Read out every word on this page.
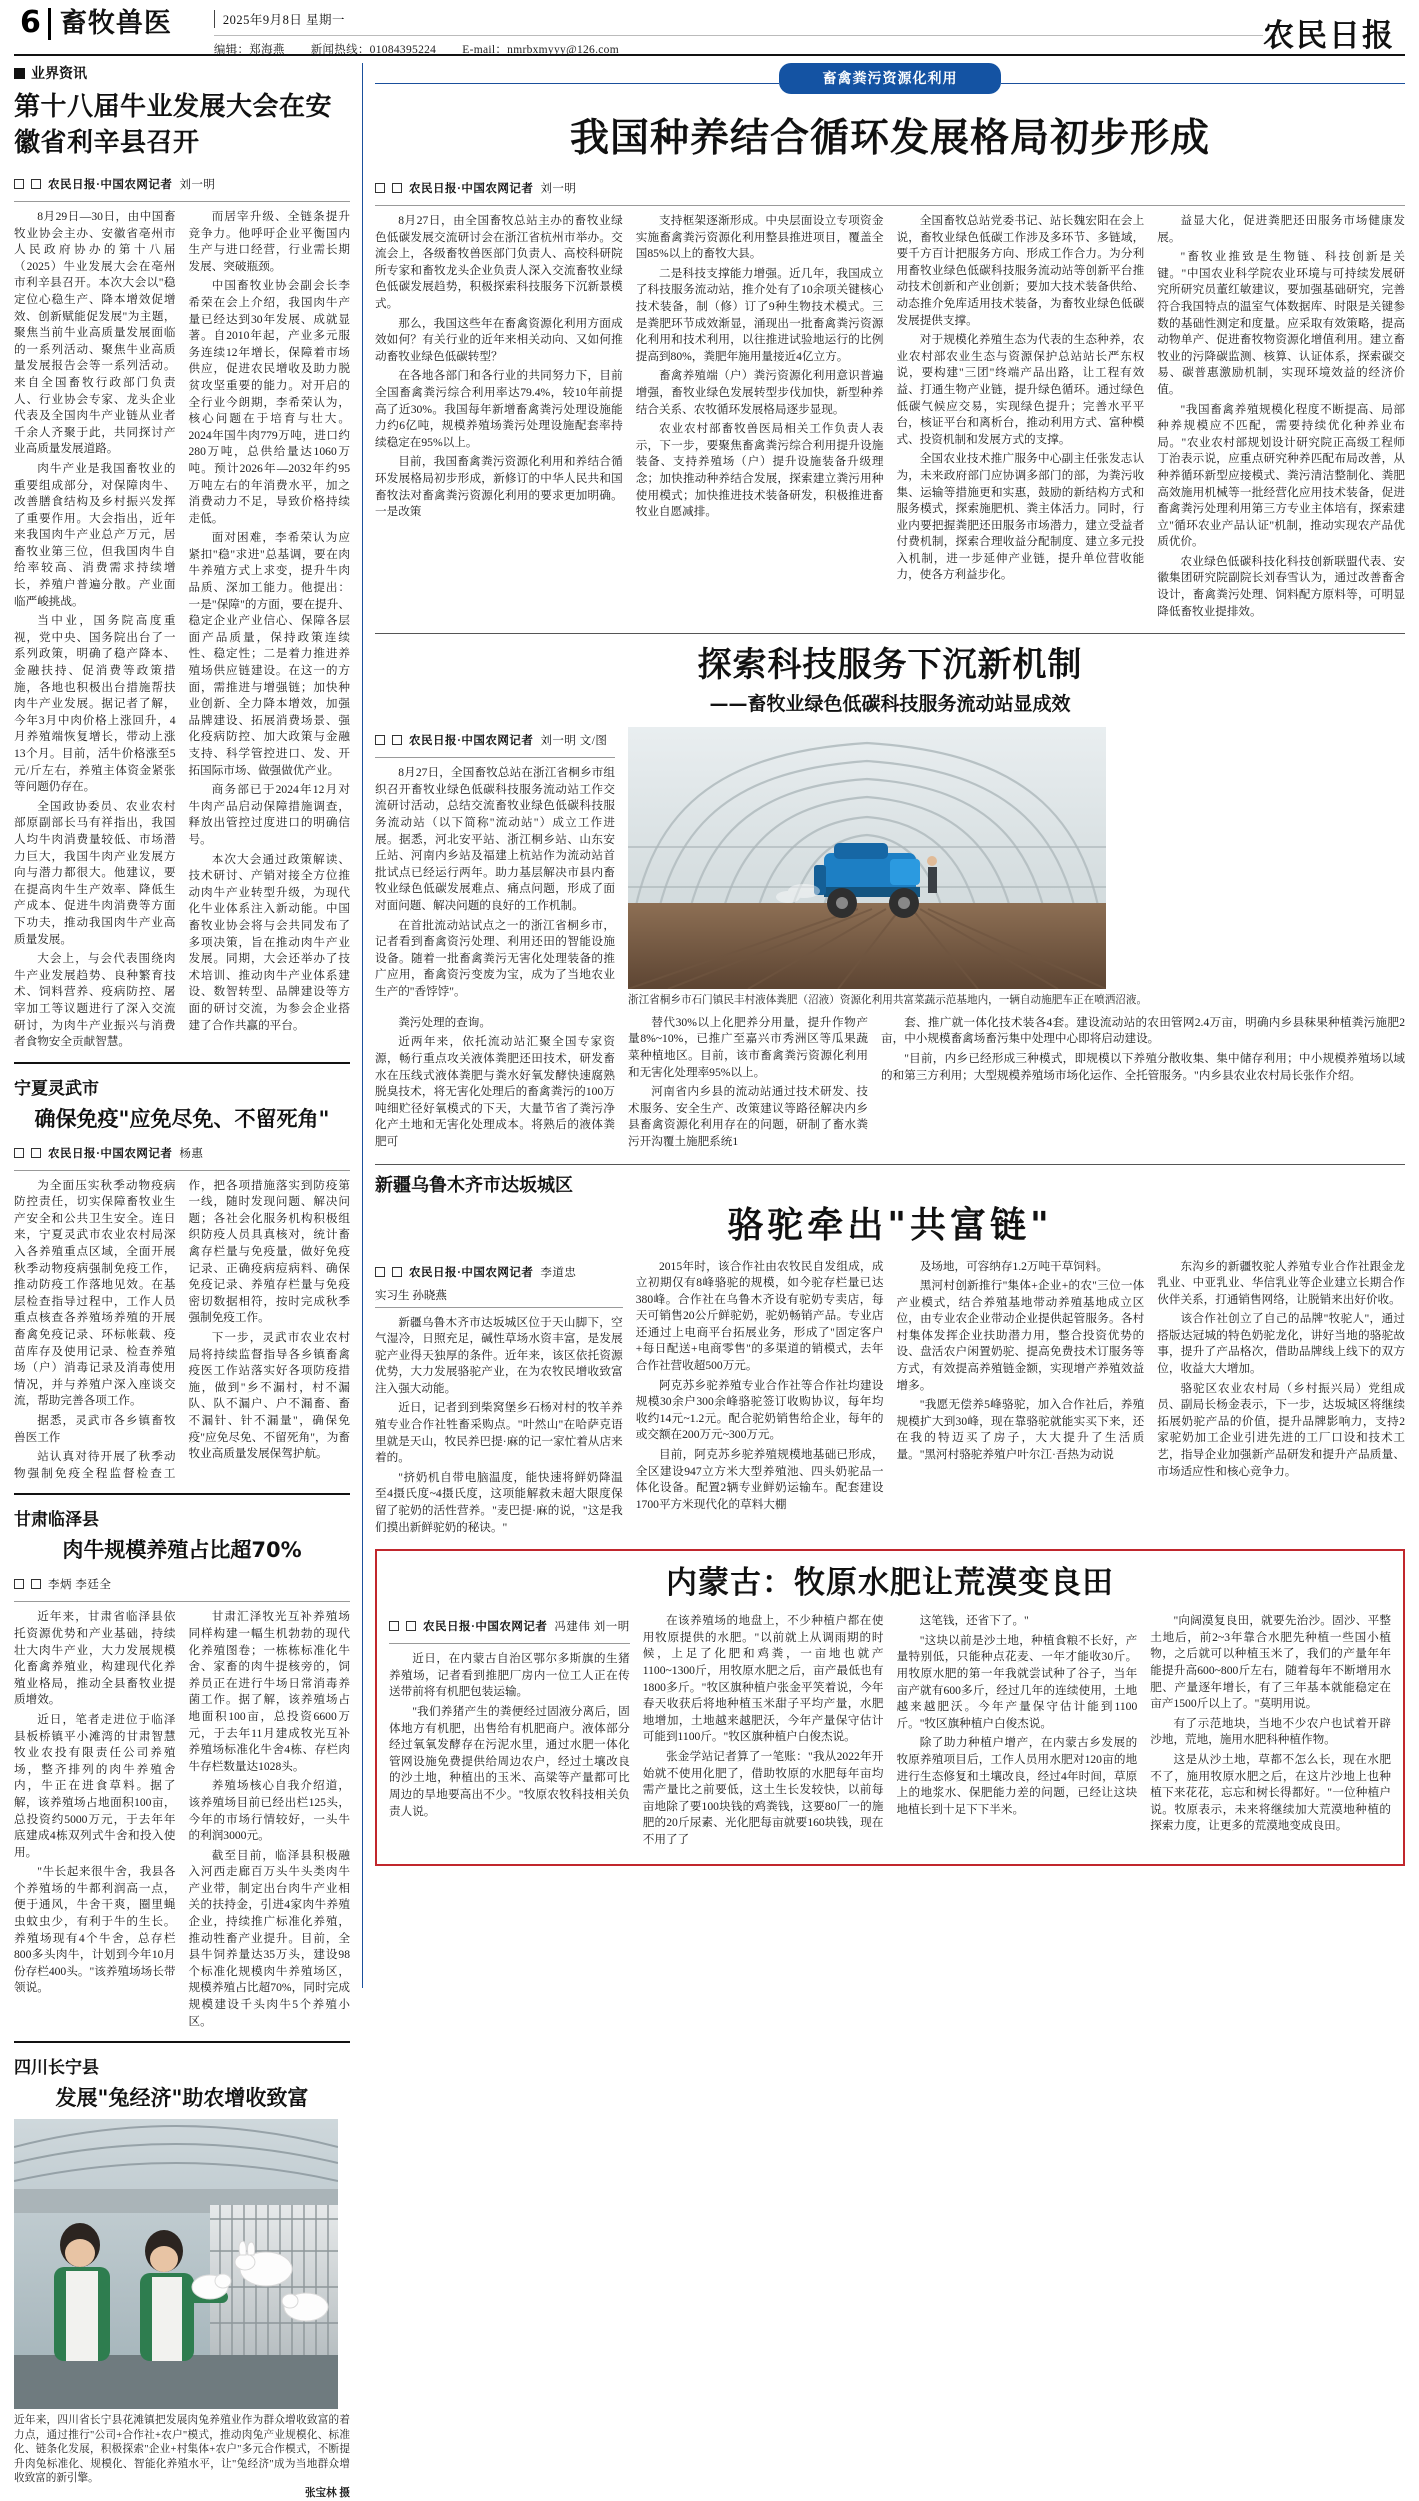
6 畜牧兽医	2025年9月8日 星期一
编辑：郑海燕 新闻热线：01084395224 E-mail：nmrbxmyyy@126.com	农民日报
业界资讯
第十八届牛业发展大会在安徽省利辛县召开
农民日报·中国农网记者 刘一明

8月29日—30日，由中国畜牧业协会主办、安徽省亳州市人民政府协办的第十八届（2025）牛业发展大会在亳州市利辛县召开。本次大会以"稳定位心稳生产、降本增效促增效、创新赋能促发展"为主题，聚焦当前牛业高质量发展面临的一系列活动、聚焦牛业高质量发展报告会等一系列活动。来自全国畜牧行政部门负责人、行业协会专家、龙头企业代表及全国肉牛产业链从业者千余人齐聚于此，共同探讨产业高质量发展道路。

肉牛产业是我国畜牧业的重要组成部分，对保障肉牛、改善膳食结构及乡村振兴发挥了重要作用。大会指出，近年来我国肉牛产业总产万元，居畜牧业第三位，但我国肉牛自给率较高、消费需求持续增长，养殖户普遍分散。产业面临严峻挑战。

当中业，国务院高度重视，党中央、国务院出台了一系列政策，明确了稳产降本、金融扶持、促消费等政策措施，各地也积极出台措施帮扶肉牛产业发展。据记者了解，今年3月中肉价格上涨回升，4月养殖端恢复增长，带动上涨13个月。目前，活牛价格涨至5元/斤左右，养殖主体资金紧张等问题仍存在。

全国政协委员、农业农村部原副部长马有祥指出，我国人均牛肉消费量较低、市场潜力巨大，我国牛肉产业发展方向与潜力都很大。他建议，要在提高肉牛生产效率、降低生产成本、促进牛肉消费等方面下功夫，推动我国肉牛产业高质量发展。

大会上，与会代表围绕肉牛产业发展趋势、良种繁育技术、饲料营养、疫病防控、屠宰加工等议题进行了深入交流研讨，为肉牛产业振兴与消费者食物安全贡献智慧。

而居宰升级、全链条提升竞争力。他呼吁企业平衡国内生产与进口经营，行业需长期发展、突破瓶颈。

中国畜牧业协会副会长李希荣在会上介绍，我国肉牛产量已经达到30年发展、成就显著。自2010年起，产业多元服务连续12年增长，保障着市场供应，促进农民增收及助力脱贫攻坚重要的能力。对开启的全行业今朗期，李希荣认为，核心问题在于培育与壮大。2024年国牛肉779万吨，进口约280万吨，总供给量达1060万吨。预计2026年—2032年约95万吨左右的年消费水平，加之消费动力不足，导致价格持续走低。

面对困难，李希荣认为应紧扣"稳"求进"总基调，要在肉牛养殖方式上求变，提升牛肉品质、深加工能力。他提出：一是"保障"的方面，要在提升、稳定企业产业信心、保障各层面产品质量，保持政策连续性、稳定性；二是着力推进养殖场供应链建设。在这一的方面，需推进与增强链；加快种业创新、全力降本增效，加强品牌建设、拓展消费场景、强化疫病防控、加大政策与金融支持、科学管控进口、发、开拓国际市场、做强做优产业。

商务部已于2024年12月对牛肉产品启动保障措施调查，释放出管控过度进口的明确信号。

本次大会通过政策解读、技术研讨、产销对接全方位推动肉牛产业转型升级，为现代化牛业体系注入新动能。中国畜牧业协会将与会共同发布了多项决策，旨在推动肉牛产业发展。同期，大会还举办了技术培训、推动肉牛产业体系建设、数智转型、品牌建设等方面的研讨交流，为参会企业搭建了合作共赢的平台。

宁夏灵武市
确保免疫"应免尽免、不留死角"
农民日报·中国农网记者 杨惠

为全面压实秋季动物疫病防控责任，切实保障畜牧业生产安全和公共卫生安全。连日来，宁夏灵武市农业农村局深入各养殖重点区域，全面开展秋季动物疫病强制免疫工作，推动防疫工作落地见效。在基层检查指导过程中，工作人员重点核查各养殖场养殖的开展畜禽免疫记录、环标帐载、疫苗库存及使用记录、检查养殖场（户）消毒记录及消毒使用情况，并与养殖户深入座谈交流，帮助完善各项工作。

据悉，灵武市各乡镇畜牧兽医工作

站认真对待开展了秋季动物强制免疫全程监督检查工作，把各项措施落实到防疫第一线，随时发现问题、解决问题；各社会化服务机构积极组织防疫人员具真核对，统计畜禽存栏量与免疫量，做好免疫记录、正确疫病痘病料、确保免疫记录、养殖存栏量与免疫密切数据相符，按时完成秋季强制免疫工作。

下一步，灵武市农业农村局将持续监督指导各乡镇畜禽疫医工作站落实好各项防疫措施，做到"乡不漏村，村不漏队、队不漏户、户不漏畜、畜不漏针、针不漏量"，确保免疫"应免尽免、不留死角"，为畜牧业高质量发展保驾护航。

甘肃临泽县
肉牛规模养殖占比超70%
李炳 李廷全

近年来，甘肃省临泽县依托资源优势和产业基础，持续壮大肉牛产业，大力发展规模化畜禽养殖业，构建现代化养殖业格局，推动全县畜牧业提质增效。

近日，笔者走进位于临泽县板桥镇平小滩湾的甘肃智慧牧业农投有限责任公司养殖场，整齐排列的肉牛养殖舍内，牛正在进食草料。据了解，该养殖场占地面积100亩，总投资约5000万元，于去年年底建成4栋双列式牛舍和投入使用。

"牛长起来很牛舍，我县各个养殖场的牛都利润高一点，便于通风，牛舍干爽，圈里蝇虫蚊虫少，有利于牛的生长。养殖场现有4个牛舍，总存栏800多头肉牛，计划到今年10月份存栏400头。"该养殖场场长带领说。

甘肃汇泽牧光互补养殖场同样构建一幅生机勃勃的现代化养殖图卷；一栋栋标准化牛舍、家畜的肉牛提核旁的，饲养员正在进行牛场日常消毒养菌工作。据了解，该养殖场占地面积100亩，总投资6600万元，于去年11月建成牧光互补养殖场标准化牛舍4栋、存栏肉牛存栏数量达1028头。

养殖场核心自我介绍道，该养殖场目前已经出栏125头，今年的市场行情较好，一头牛的利润3000元。

截至目前，临泽县积极融入河西走廊百万头牛头类肉牛产业带，制定出台肉牛产业相关的扶持金，引进4家肉牛养殖企业，持续推广标准化养殖，推动牲畜产业提升。目前，全县牛饲养量达35万头，建设98个标准化规模肉牛养殖场区，规模养殖占比超70%，同时完成规模建设千头肉牛5个养殖小区。

四川长宁县
发展"兔经济"助农增收致富
近年来，四川省长宁县花滩镇把发展肉兔养殖业作为群众增收致富的着力点，通过推行"公司+合作社+农户"模式，推动肉兔产业规模化、标准化、链条化发展，积极探索"企业+村集体+农户"多元合作模式，不断提升肉兔标准化、规模化、智能化养殖水平，让"兔经济"成为当地群众增收致富的新引擎。
张宝林 摄
畜禽粪污资源化利用
我国种养结合循环发展格局初步形成
农民日报·中国农网记者 刘一明

8月27日，由全国畜牧总站主办的畜牧业绿色低碳发展交流研讨会在浙江省杭州市举办。交流会上，各级畜牧兽医部门负责人、高校科研院所专家和畜牧龙头企业负责人深入交流畜牧业绿色低碳发展趋势，积极探索科技服务下沉新景模式。

那么，我国这些年在畜禽资源化利用方面成效如何？有关行业的近年来相关动向、又如何推动畜牧业绿色低碳转型？

在各地各部门和各行业的共同努力下，目前全国畜禽粪污综合利用率达79.4%，较10年前提高了近30%。我国每年新增畜禽粪污处理设施能力约6亿吨，规模养殖场粪污处理设施配套率持续稳定在95%以上。

目前，我国畜禽粪污资源化利用和养结合循环发展格局初步形成，新修订的中华人民共和国畜牧法对畜禽粪污资源化利用的要求更加明确。一是改策

支持框架逐渐形成。中央层面设立专项资金实施畜禽粪污资源化利用整县推进项目，覆盖全国85%以上的畜牧大县。

二是科技支撑能力增强。近几年，我国成立了科技服务流动站，推介处有了10余项关键核心技术装备，制（修）订了9种生物技术模式。三是粪肥环节成效渐显，涌现出一批畜禽粪污资源化利用和技术利用，以往推进试验地运行的比例提高到80%，粪肥年施用量接近4亿立方。

畜禽养殖端（户）粪污资源化利用意识普遍增强，畜牧业绿色发展转型步伐加快，新型种养结合关系、农牧循环发展格局逐步显现。

农业农村部畜牧兽医局相关工作负责人表示，下一步，要聚焦畜禽粪污综合利用提升设施装备、支持养殖场（户）提升设施装备升级理念；加快推动种养结合发展，探索建立粪污用种使用模式；加快推进技术装备研发，积极推进畜牧业自愿减排。

全国畜牧总站党委书记、站长魏宏阳在会上说，畜牧业绿色低碳工作涉及多环节、多链域，要千方百计把服务方向、形成工作合力。为分利用畜牧业绿色低碳科技服务流动站等创新平台推动技术创新和产业创新；要加大技术装备供给、动态推介免库适用技术装备，为畜牧业绿色低碳发展提供支撑。

对于规模化养殖生态为代表的生态种养，农业农村部农业生态与资源保护总站站长严东权说，要构建"三团"终端产品出路，让工程有效益、打通生物产业链，提升绿色循环。通过绿色低碳气候应交易，实现绿色提升；完善水平平台，核证平台和离析台，推动利用方式、富种模式、投资机制和发展方式的支撑。

全国农业技术推广服务中心副主任张发志认为，未来政府部门应协调多部门的部，为粪污收集、运输等措施更和实惠，鼓励的新结构方式和服务模式，探索施肥机、粪主体活力。同时，行业内要把握粪肥还田服务市场潜力，建立受益者付费机制，探索合理收益分配制度、建立多元投入机制，进一步延伸产业链，提升单位营收能力，使各方利益步化。

益显大化，促进粪肥还田服务市场健康发展。

"畜牧业推致是生物链、科技创新是关键。"中国农业科学院农业环境与可持续发展研究所研究员董红敏建议，要加强基础研究，完善符合我国特点的温室气体数据库、时限是关键参数的基础性测定和度量。应采取有效策略，提高动物单产、促进畜牧物资源化增值利用。建立畜牧业的污降碳监测、核算、认证体系，探索碳交易、碳普惠激励机制，实现环境效益的经济价值。

"我国畜禽养殖规模化程度不断提高、局部种养规模应不匹配，需要持续优化种养业布局。"农业农村部规划设计研究院正高级工程师丁治表示说，应重点研究种养匹配布局改善，从种养循环新型应接模式、粪污清洁整制化、粪肥高效施用机械等一批经营化应用技术装备，促进畜禽粪污处理利用第三方专业主体培有，探索建立"循环农业产品认证"机制，推动实现农产品优质优价。

农业绿色低碳科技化科技创新联盟代表、安徽集团研究院副院长刘春雪认为，通过改善畜舍设计，畜禽粪污处理、饲料配方原料等，可明显降低畜牧业提排效。

探索科技服务下沉新机制
——畜牧业绿色低碳科技服务流动站显成效
农民日报·中国农网记者 刘一明 文/图

8月27日，全国畜牧总站在浙江省桐乡市组织召开畜牧业绿色低碳科技服务流动站工作交流研讨活动，总结交流畜牧业绿色低碳科技服务流动站（以下简称"流动站"）成立工作进展。据悉，河北安平站、浙江桐乡站、山东安丘站、河南内乡站及福建上杭站作为流动站首批试点已经运行两年。助力基层解决市县内畜牧业绿色低碳发展难点、痛点问题，形成了面对面问题、解决问题的良好的工作机制。

在首批流动站试点之一的浙江省桐乡市，记者看到畜禽资污处理、利用还田的智能设施设备。随着一批畜禽粪污无害化处理装备的推广应用，畜禽资污变废为宝，成为了当地农业生产的"香饽饽"。

浙江省桐乡市石门镇民丰村液体粪肥（沼液）资源化利用共富菜蔬示范基地内，一辆自动施肥车正在喷洒沼液。

粪污处理的查询。

近两年来，依托流动站汇聚全国专家资源，畅行重点攻关液体粪肥还田技术，研发畜水在压线式液体粪肥与粪水好氧发酵快速腐熟脱臭技术，将无害化处理后的畜禽粪污的100万吨细贮径好氧模式的下天，大量节省了粪污净化产土地和无害化处理成本。将熟后的液体粪肥可

替代30%以上化肥养分用量，提升作物产量8%~10%，已推广至嘉兴市秀洲区等瓜果蔬菜种植地区。目前，该市畜禽粪污资源化利用和无害化处理率95%以上。

河南省内乡县的流动站通过技术研发、技术服务、安全生产、改策建议等路径解决内乡县畜禽资源化利用存在的问题，研制了畜水粪污开沟覆土施肥系统1

套、推广就一体化技术装各4套。建设流动站的农田管网2.4万亩，明确内乡县秣果种植粪污施肥2亩，中小规模畜禽场畜污集中处理中心即将启动建设。

"目前，内乡已经形成三种模式，即规模以下养殖分散收集、集中储存利用；中小规模养殖场以域的和第三方利用；大型规模养殖场市场化运作、全托管服务。"内乡县农业农村局长张作介绍。

新疆乌鲁木齐市达坂城区
骆驼牵出"共富链"
农民日报·中国农网记者 李道忠
实习生 孙晓燕

新疆乌鲁木齐市达坂城区位于天山脚下，空气湿冷，日照充足，碱性草场水资丰富，是发展驼产业得天独厚的条件。近年来，该区依托资源优势，大力发展骆驼产业，在为农牧民增收致富注入强大动能。

近日，记者到到柴窝堡乡石杨对村的牧羊养殖专业合作社牲畜采购点。"叶然山"在哈萨克语里就是天山，牧民养巴提·麻的记一家忙着从店来着的。

"挤奶机自带电脑温度，能快速将鲜奶降温至4摄氏度~4摄氏度，这项能解救未超大限度保留了驼奶的活性营养。"麦巴提·麻的说，"这是我们摸出新鲜驼奶的秘诀。"

2015年时，该合作社由农牧民自发组成，成立初期仅有8峰骆驼的规模，如今驼存栏量已达380峰。合作社在乌鲁木齐设有驼奶专卖店，每天可销售20公斤鲜驼奶，驼奶畅销产品。专业店还通过上电商平台拓展业务，形成了"固定客户+每日配送+电商零售"的多渠道的销模式，去年合作社营收超500万元。

阿克苏乡驼养殖专业合作社等合作社均建设规模30余户300余峰骆驼签订收购协议，每年均收约14元~1.2元。配合驼奶销售给企业，每年的或交额在200万元~300万元。

目前，阿克苏乡驼养殖规模地基础已形成，全区建设947立方米大型养殖池、四头奶驼品一体化设备。配置2辆专业鲜奶运输车。配套建设1700平方米现代化的草料大棚

及场地，可容纳存1.2万吨干草饲料。

黑河村创新推行"集体+企业+的农"三位一体产业模式，结合养殖基地带动养殖基地成立区位，由专业农企业带动企业提供起管服务。各村村集体发挥企业扶助潜力用，整合投资优势的设、盘活农户闲置奶驼、提高免费技术订服务等方式，有效提高养殖链金额，实现增产养殖效益增多。

"我愿无偿养5峰骆驼，加入合作社后，养殖规模扩大到30峰，现在靠骆驼就能实买下来，还在我的特迈买了房子，大大提升了生活质量。"黑河村骆驼养殖户叶尔江·吾热为动说

东沟乡的新疆牧驼人养殖专业合作社跟金龙乳业、中亚乳业、华信乳业等企业建立长期合作伙伴关系，打通销售网络，让脱销来出好价收。

该合作社创立了自己的品牌"牧驼人"，通过搭版达冠城的特色奶驼龙化，讲好当地的骆驼故事，提升了产品格次，借助品牌线上线下的双方位，收益大大增加。

骆驼区农业农村局（乡村振兴局）党组成员、副局长杨金表示，下一步，达坂城区将继续拓展奶驼产品的价值，提升品牌影响力，支持2家驼奶加工企业引进先进的工厂口设和技术工艺，指导企业加强新产品研发和提升产品质量、市场适应性和核心竞争力。

内蒙古：牧原水肥让荒漠变良田
农民日报·中国农网记者 冯建伟 刘一明

近日，在内蒙古自治区鄂尔多斯旗的生猪养殖场，记者看到推肥厂房内一位工人正在传送带前将有机肥包装运输。

"我们养猪产生的粪便经过固液分离后，固体地方有机肥，出售给有机肥商户。液体部分经过氧氧发酵存在污泥水里，通过水肥一体化管网设施免费提供给周边农户，经过土壤改良的沙土地，种植出的玉米、高粱等产量都可比周边的旱地要高出不少。"牧原农牧科技相关负责人说。

在该养殖场的地盘上，不少种植户都在使用牧原提供的水肥。"以前就上从调雨期的时候，上足了化肥和鸡粪，一亩地也就产1100~1300斤，用牧原水肥之后，亩产最低也有1800多斤。"牧区旗种植户张金平笑着说，今年春天收获后将地种植玉米甜子平均产量，水肥地增加，土地越来越肥沃，今年产量保守估计可能到1100斤。"牧区旗种植户白俊杰说。

张金学站记者算了一笔账："我从2022年开始就不使用化肥了，借助牧原的水肥每年亩均需产量比之前要低，这土生长发较快，以前每亩地除了要100块钱的鸡粪钱，这要80厂一的施肥的20斤尿素、光化肥每亩就要160块钱，现在不用了了

这笔钱，还省下了。"

"这块以前是沙土地，种植食粮不长好，产量特别低，只能种点花麦、一年才能收30斤。用牧原水肥的第一年我就尝试种了谷子，当年亩产就有600多斤，经过几年的连续使用，土地越来越肥沃。今年产量保守估计能到1100斤。"牧区旗种植户白俊杰说。

除了助力种植户增产，在内蒙古乡发展的牧原养殖项目后，工作人员用水肥对120亩的地进行生态修复和土壤改良，经过4年时间，草原上的地浆水、保肥能力差的问题，已经让这块地植长到十足下下半米。

"向阔漠复良田，就要先治沙。固沙、平整土地后，前2~3年靠合水肥先种植一些国小植物，之后就可以种植玉米了，我们的产量年年能提升高600~800斤左右，随着每年不断增用水肥、产量逐年增长，有了三年基本就能稳定在亩产1500斤以上了。"莫明用说。

有了示范地块，当地不少农户也试着开辟沙地，荒地，施用水肥科种植作物。

这是从沙土地，草都不怎么长，现在水肥不了，施用牧原水肥之后，在这片沙地上也种植下来花花，忘忘和树长得都好。"一位种植户说。牧原表示，未来将继续加大荒漠地种植的探索力度，让更多的荒漠地变成良田。
